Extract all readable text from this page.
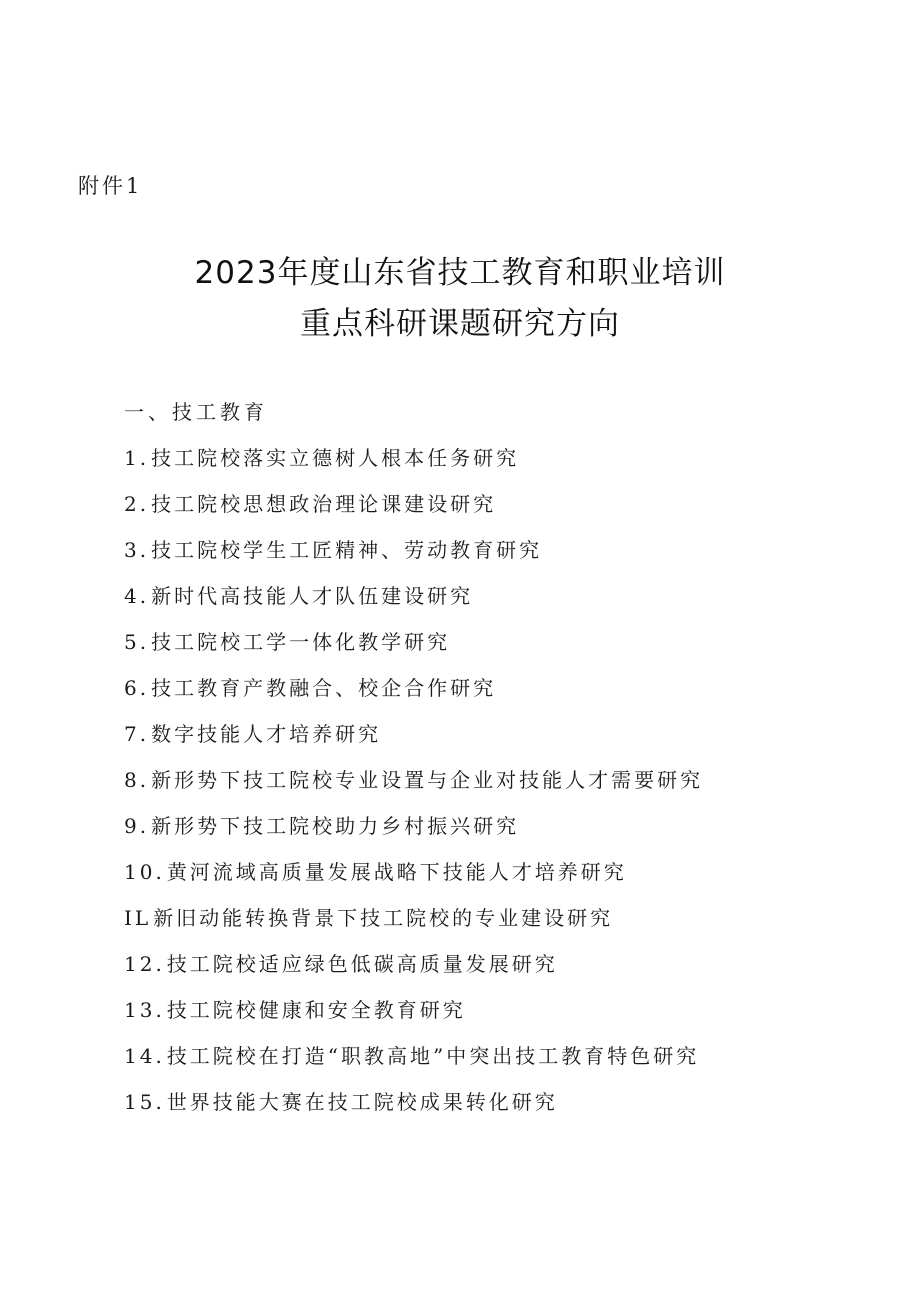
附件1
2023年度山东省技工教育和职业培训
重点科研课题研究方向
一、技工教育
1. 技工院校落实立德树人根本任务研究
2. 技工院校思想政治理论课建设研究
3. 技工院校学生工匠精神、劳动教育研究
4. 新时代高技能人才队伍建设研究
5. 技工院校工学一体化教学研究
6. 技工教育产教融合、校企合作研究
7. 数字技能人才培养研究
8. 新形势下技工院校专业设置与企业对技能人才需要研究
9. 新形势下技工院校助力乡村振兴研究
10. 黄河流域高质量发展战略下技能人才培养研究
IL 新旧动能转换背景下技工院校的专业建设研究
12. 技工院校适应绿色低碳高质量发展研究
13. 技工院校健康和安全教育研究
14. 技工院校在打造“职教高地”中突出技工教育特色研究
15. 世界技能大赛在技工院校成果转化研究
